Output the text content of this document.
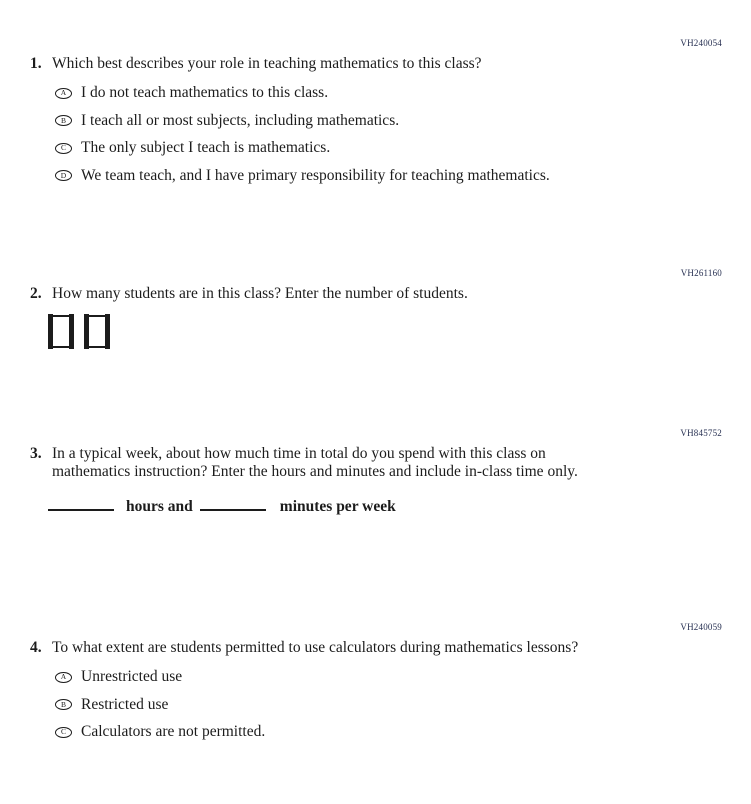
VH240054
1. Which best describes your role in teaching mathematics to this class?
A I do not teach mathematics to this class.
B I teach all or most subjects, including mathematics.
C The only subject I teach is mathematics.
D We team teach, and I have primary responsibility for teaching mathematics.
VH261160
2. How many students are in this class? Enter the number of students.

VH845752
3. In a typical week, about how much time in total do you spend with this class on mathematics instruction? Enter the hours and minutes and include in-class time only.
hours and	minutes per week
VH240059
4. To what extent are students permitted to use calculators during mathematics lessons?
A Unrestricted use
B Restricted use
C Calculators are not permitted.
